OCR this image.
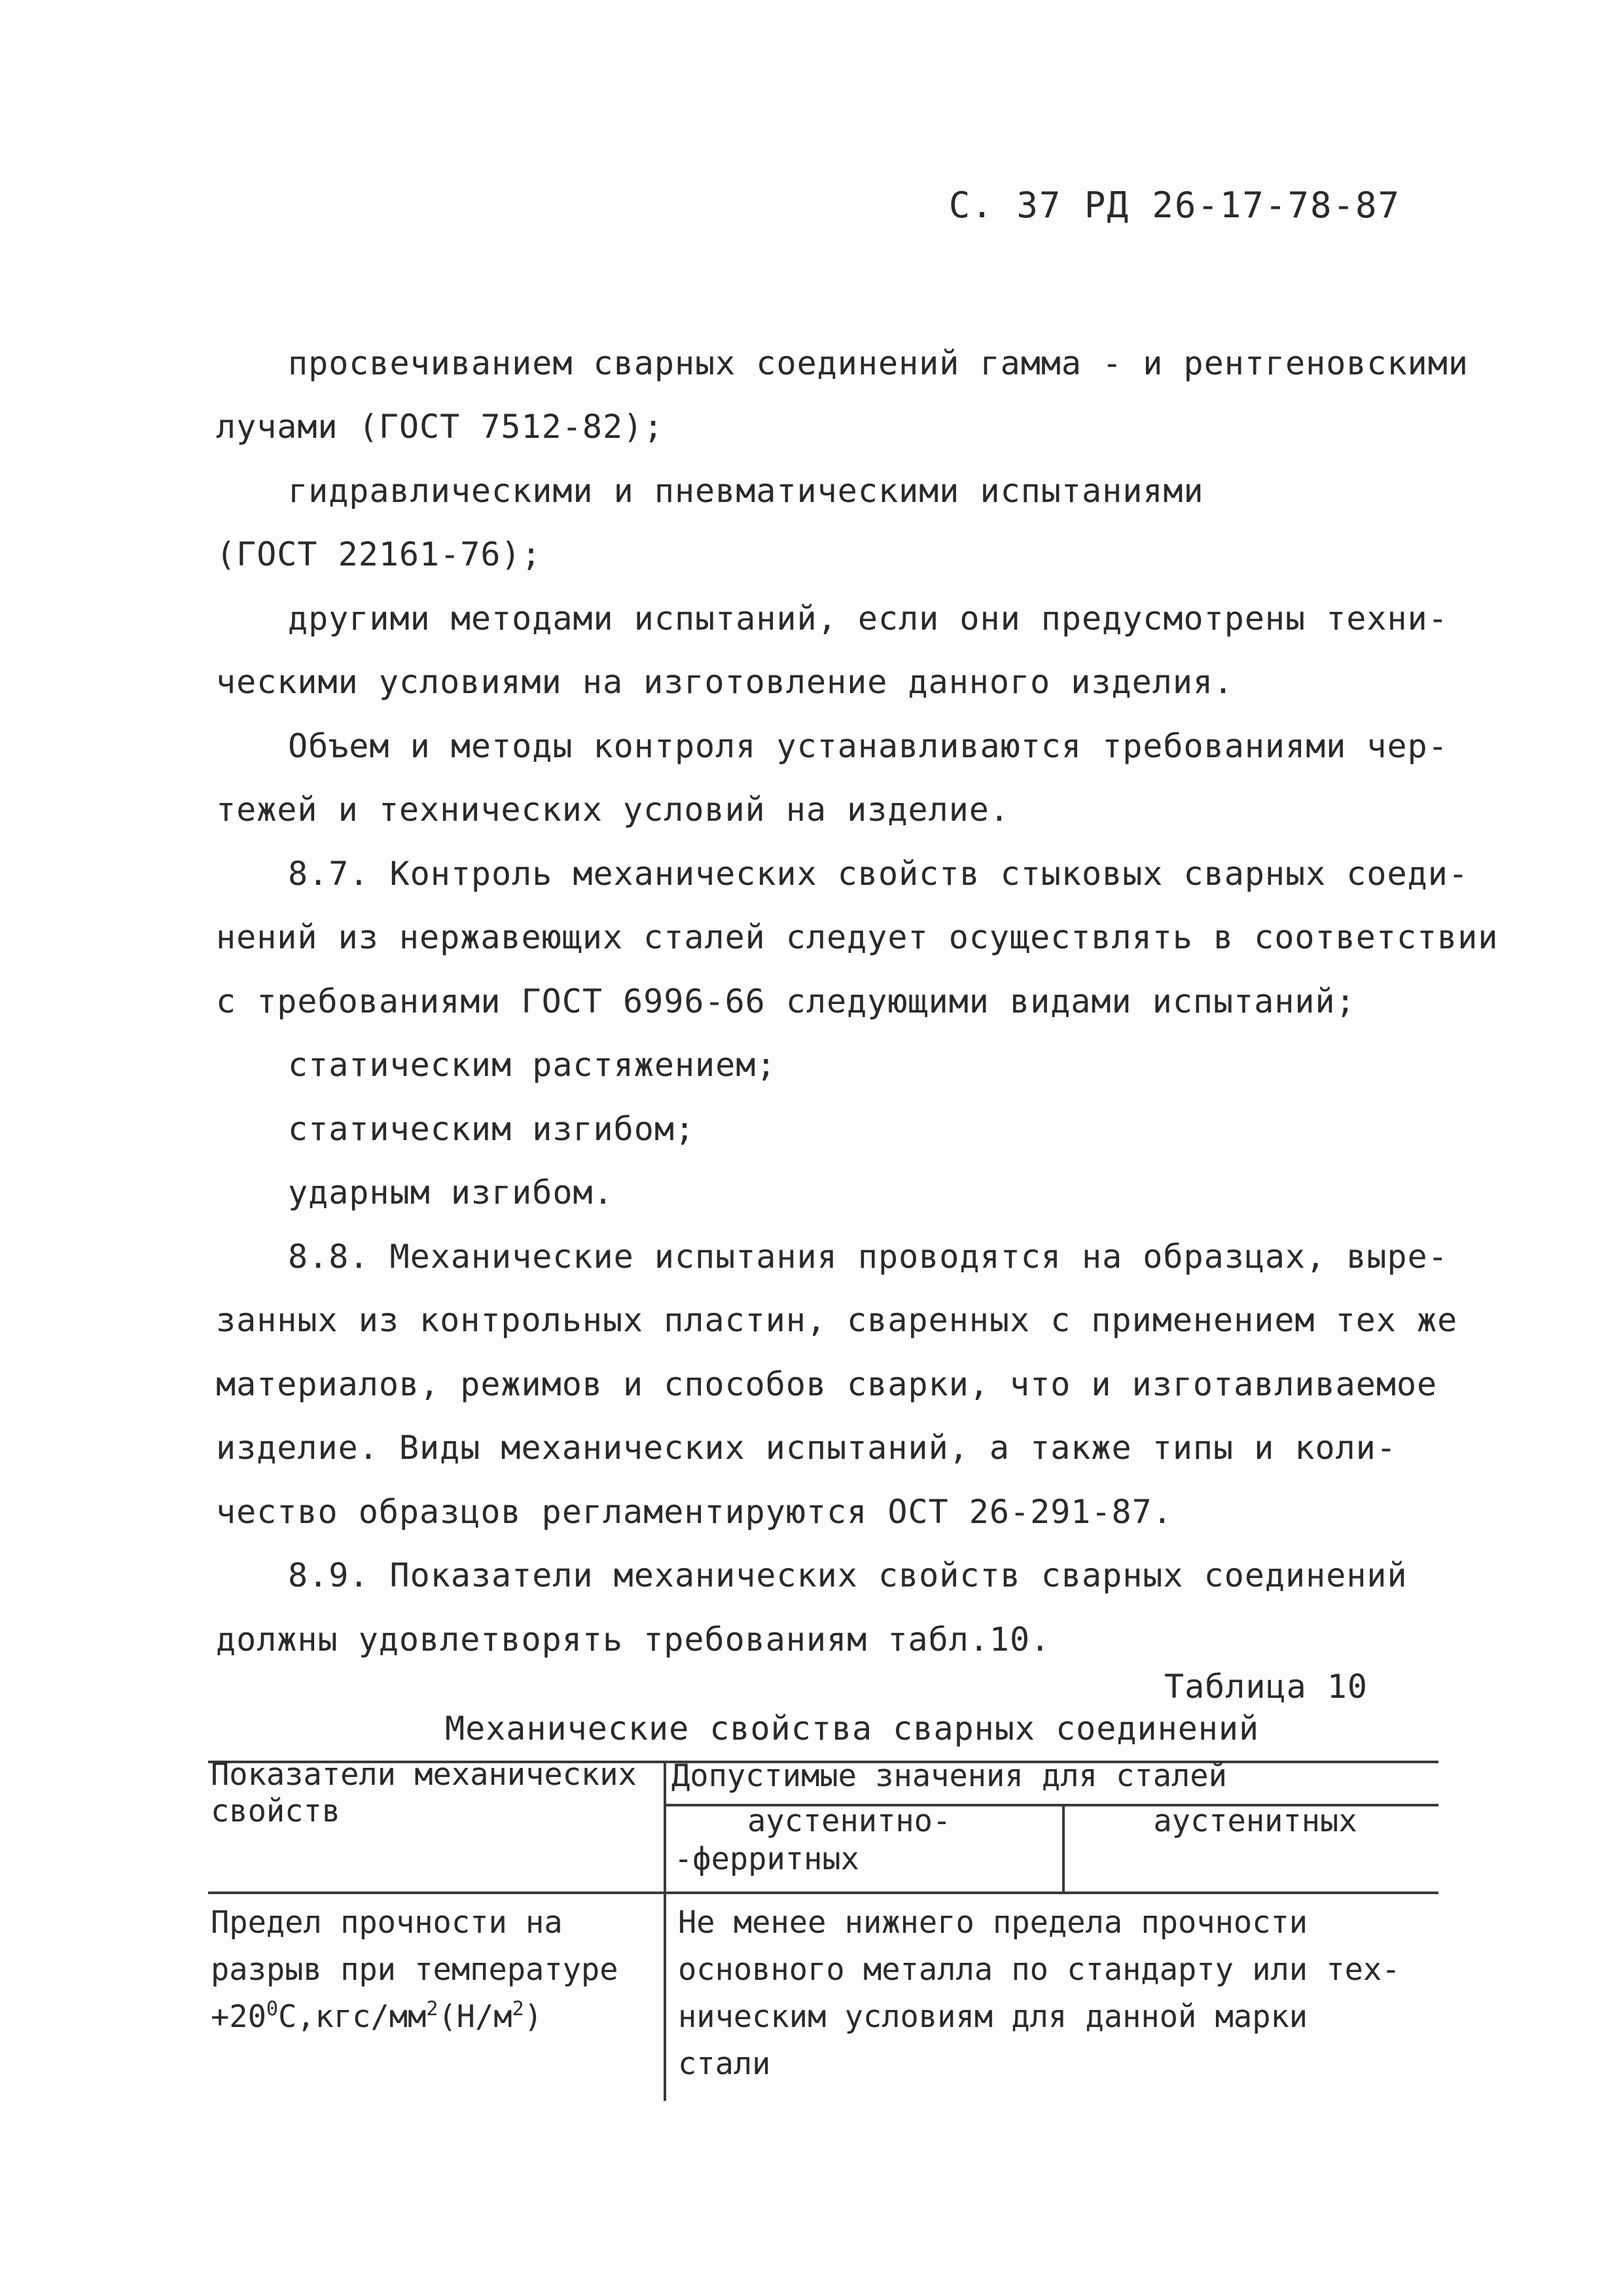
С. 37 РД 26-17-78-87
просвечиванием сварных соединений гамма - и рентгеновскими
лучами (ГОСТ 7512-82);
гидравлическими и пневматическими испытаниями
(ГОСТ 22161-76);
другими методами испытаний, если они предусмотрены техни-
ческими условиями на изготовление данного изделия.
Объем и методы контроля устанавливаются требованиями чер-
тежей и технических условий на изделие.
8.7. Контроль механических свойств стыковых сварных соеди-
нений из нержавеющих сталей следует осуществлять в соответствии
с требованиями ГОСТ 6996-66 следующими видами испытаний;
статическим растяжением;
статическим изгибом;
ударным изгибом.
8.8. Механические испытания проводятся на образцах, выре-
занных из контрольных пластин, сваренных с применением тех же
материалов, режимов и способов сварки, что и изготавливаемое
изделие. Виды механических испытаний, а также типы и коли-
чество образцов регламентируются ОСТ 26-291-87.
8.9. Показатели механических свойств сварных соединений
должны удовлетворять требованиям табл.10.
Таблица 10
Механические свойства сварных соединений
Показатели механических
свойств
Допустимые значения для сталей
аустенитно-
-ферритных
аустенитных
Предел прочности на
разрыв при температуре
$+20^0С,кгс/мм^2(Н/м^2)$
Не менее нижнего предела прочности
основного металла по стандарту или тех-
ническим условиям для данной марки
стали
